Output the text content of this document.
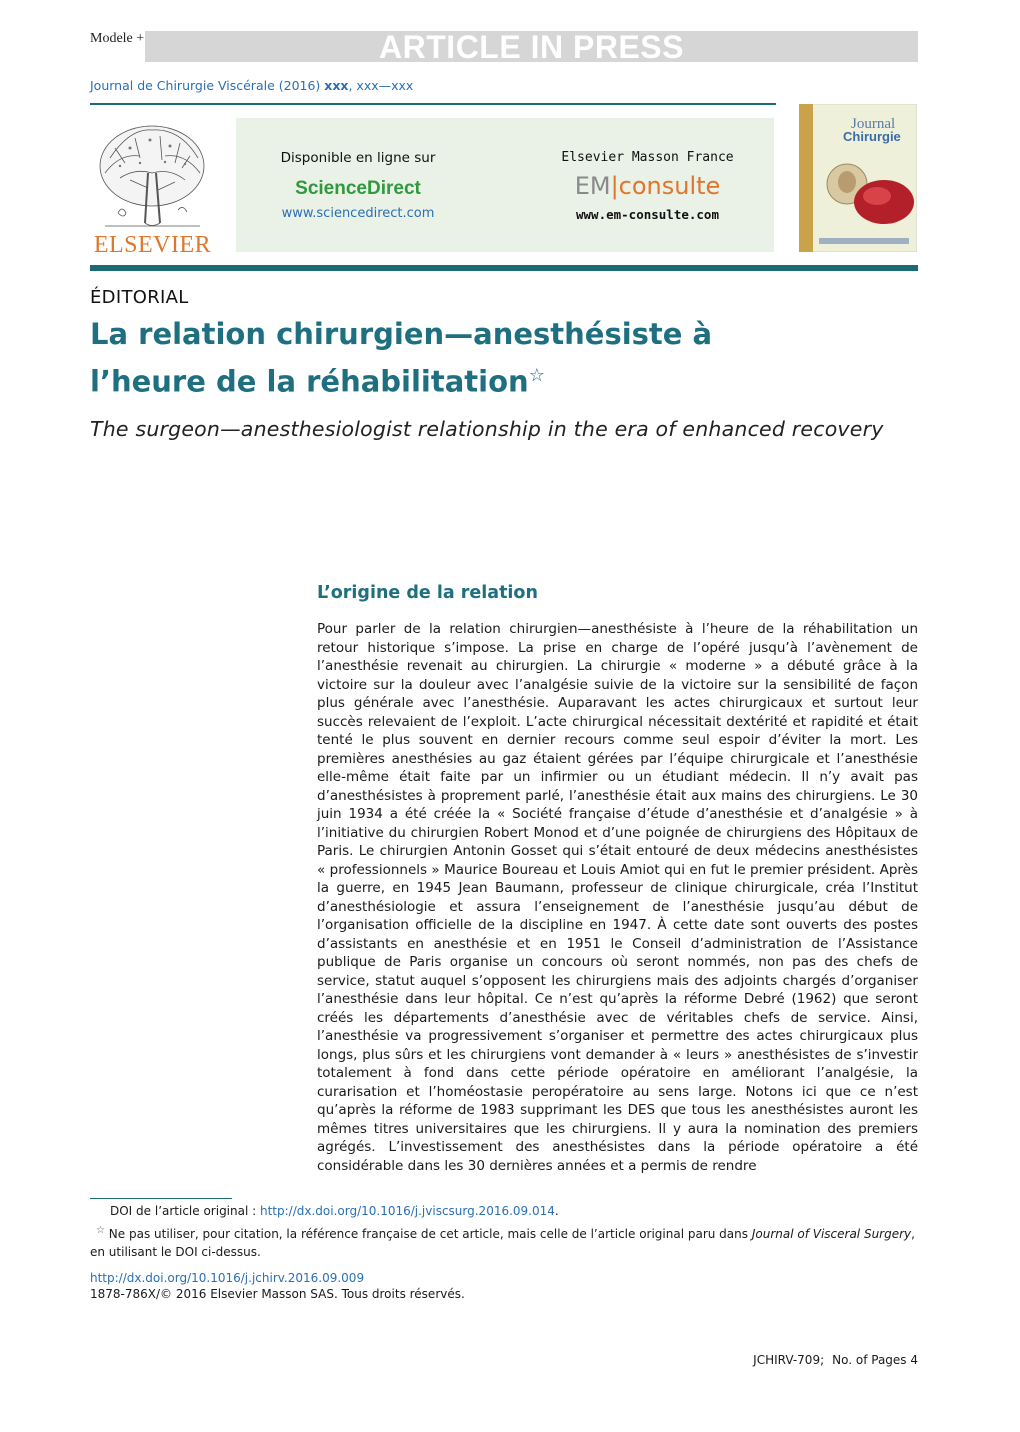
Modele +	ARTICLE IN PRESS
Journal de Chirurgie Viscérale (2016) xxx, xxx—xxx
ELSEVIER
Disponible en ligne sur
ScienceDirect
www.sciencedirect.com
Elsevier Masson France
EM|consulte
www.em-consulte.com
Journal
Chirurgie
ÉDITORIAL
La relation chirurgien—anesthésiste à
l’heure de la réhabilitation☆
The surgeon—anesthesiologist relationship in the era of enhanced recovery
L’origine de la relation
Pour parler de la relation chirurgien—anesthésiste à l’heure de la réhabilitation un retour historique s’impose. La prise en charge de l’opéré jusqu’à l’avènement de l’anesthésie revenait au chirurgien. La chirurgie « moderne » a débuté grâce à la victoire sur la douleur avec l’analgésie suivie de la victoire sur la sensibilité de façon plus générale avec l’anesthésie. Auparavant les actes chirurgicaux et surtout leur succès relevaient de l’exploit. L’acte chirurgical nécessitait dextérité et rapidité et était tenté le plus souvent en dernier recours comme seul espoir d’éviter la mort. Les premières anesthésies au gaz étaient gérées par l’équipe chirurgicale et l’anesthésie elle-même était faite par un infirmier ou un étudiant médecin. Il n’y avait pas d’anesthésistes à proprement parlé, l’anesthésie était aux mains des chirurgiens. Le 30 juin 1934 a été créée la « Société française d’étude d’anesthésie et d’analgésie » à l’initiative du chirurgien Robert Monod et d’une poignée de chirurgiens des Hôpitaux de Paris. Le chirurgien Antonin Gosset qui s’était entouré de deux médecins anesthésistes « professionnels » Maurice Boureau et Louis Amiot qui en fut le premier président. Après la guerre, en 1945 Jean Baumann, professeur de clinique chirurgicale, créa l’Institut d’anesthésiologie et assura l’enseignement de l’anesthésie jusqu’au début de l’organisation officielle de la discipline en 1947. À cette date sont ouverts des postes d’assistants en anesthésie et en 1951 le Conseil d’administration de l’Assistance publique de Paris organise un concours où seront nommés, non pas des chefs de service, statut auquel s’opposent les chirurgiens mais des adjoints chargés d’organiser l’anesthésie dans leur hôpital. Ce n’est qu’après la réforme Debré (1962) que seront créés les départements d’anesthésie avec de véritables chefs de service. Ainsi, l’anesthésie va progressivement s’organiser et permettre des actes chirurgicaux plus longs, plus sûrs et les chirurgiens vont demander à « leurs » anesthésistes de s’investir totalement à fond dans cette période opératoire en améliorant l’analgésie, la curarisation et l’homéostasie peropératoire au sens large. Notons ici que ce n’est qu’après la réforme de 1983 supprimant les DES que tous les anesthésistes auront les mêmes titres universitaires que les chirurgiens. Il y aura la nomination des premiers agrégés. L’investissement des anesthésistes dans la période opératoire a été considérable dans les 30 dernières années et a permis de rendre
DOI de l’article original : http://dx.doi.org/10.1016/j.jviscsurg.2016.09.014.
☆ Ne pas utiliser, pour citation, la référence française de cet article, mais celle de l’article original paru dans Journal of Visceral Surgery, en utilisant le DOI ci-dessus.
http://dx.doi.org/10.1016/j.jchirv.2016.09.009
1878-786X/© 2016 Elsevier Masson SAS. Tous droits réservés.
JCHIRV-709; No. of Pages 4
